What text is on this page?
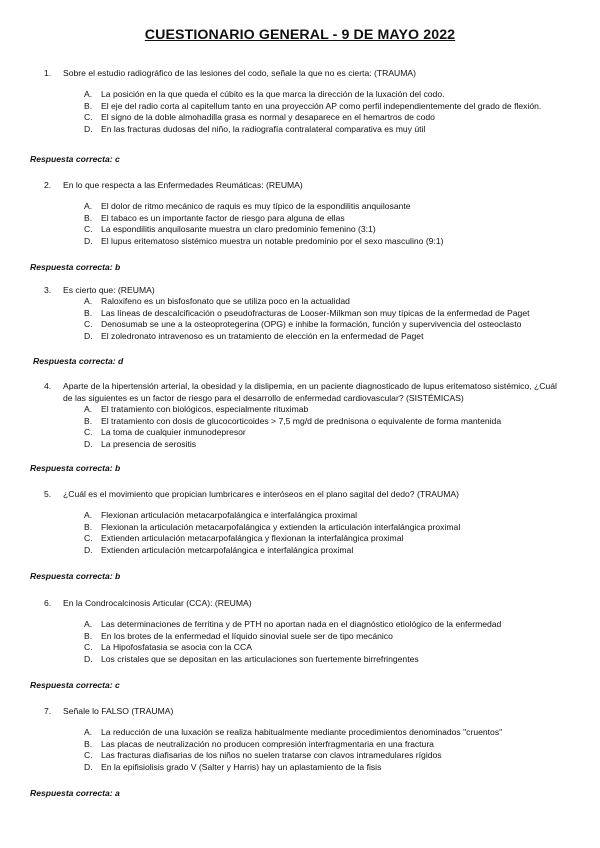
CUESTIONARIO GENERAL - 9 DE MAYO 2022
1. Sobre el estudio radiográfico de las lesiones del codo, señale la que no es cierta: (TRAUMA)
A. La posición en la que queda el cúbito es la que marca la dirección de la luxación del codo.
B. El eje del radio corta al capitellum tanto en una proyección AP como perfil independientemente del grado de flexión.
C. El signo de la doble almohadilla grasa es normal y desaparece en el hemartros de codo
D. En las fracturas dudosas del niño, la radiografía contralateral comparativa es muy útil
Respuesta correcta: c
2. En lo que respecta a las Enfermedades Reumáticas: (REUMA)
A. El dolor de ritmo mecánico de raquis es muy típico de la espondilitis anquilosante
B. El tabaco es un importante factor de riesgo para alguna de ellas
C. La espondilitis anquilosante muestra un claro predominio femenino (3:1)
D. El lupus eritematoso sistémico muestra un notable predominio por el sexo masculino (9:1)
Respuesta correcta: b
3. Es cierto que: (REUMA)
A. Raloxifeno es un bisfosfonato que se utiliza poco en la actualidad
B. Las líneas de descalcificación o pseudofracturas de Looser-Milkman son muy típicas de la enfermedad de Paget
C. Denosumab se une a la osteoprotegerina (OPG) e inhibe la formación, función y supervivencia del osteoclasto
D. El zoledronato intravenoso es un tratamiento de elección en la enfermedad de Paget
Respuesta correcta: d
4. Aparte de la hipertensión arterial, la obesidad y la dislipemia, en un paciente diagnosticado de lupus eritematoso sistémico, ¿Cuál de las siguientes es un factor de riesgo para el desarrollo de enfermedad cardiovascular? (SISTÉMICAS)
A. El tratamiento con biológicos, especialmente rituximab
B. El tratamiento con dosis de glucocorticoides > 7,5 mg/d de prednisona o equivalente de forma mantenida
C. La toma de cualquier inmunodepresor
D. La presencia de serositis
Respuesta correcta: b
5. ¿Cuál es el movimiento que propician lumbricares e interóseos en el plano sagital del dedo? (TRAUMA)
A. Flexionan articulación metacarpofalángica e interfalángica proximal
B. Flexionan la articulación metacarpofalángica y extienden la articulación interfalángica proximal
C. Extienden articulación metacarpofalángica y flexionan la interfalángica proximal
D. Extienden articulación metcarpofalángica e interfalángica proximal
Respuesta correcta: b
6. En la Condrocalcinosis Articular (CCA): (REUMA)
A. Las determinaciones de ferritina y de PTH no aportan nada en el diagnóstico etiológico de la enfermedad
B. En los brotes de la enfermedad el líquido sinovial suele ser de tipo mecánico
C. La Hipofosfatasia se asocia con la CCA
D. Los cristales que se depositan en las articulaciones son fuertemente birrefringentes
Respuesta correcta: c
7. Señale lo FALSO (TRAUMA)
A. La reducción de una luxación se realiza habitualmente mediante procedimientos denominados "cruentos"
B. Las placas de neutralización no producen compresión interfragmentaria en una fractura
C. Las fracturas diafisarias de los niños no suelen tratarse con clavos intramedulares rígidos
D. En la epifisiolisis grado V (Salter y Harris) hay un aplastamiento de la fisis
Respuesta correcta: a
